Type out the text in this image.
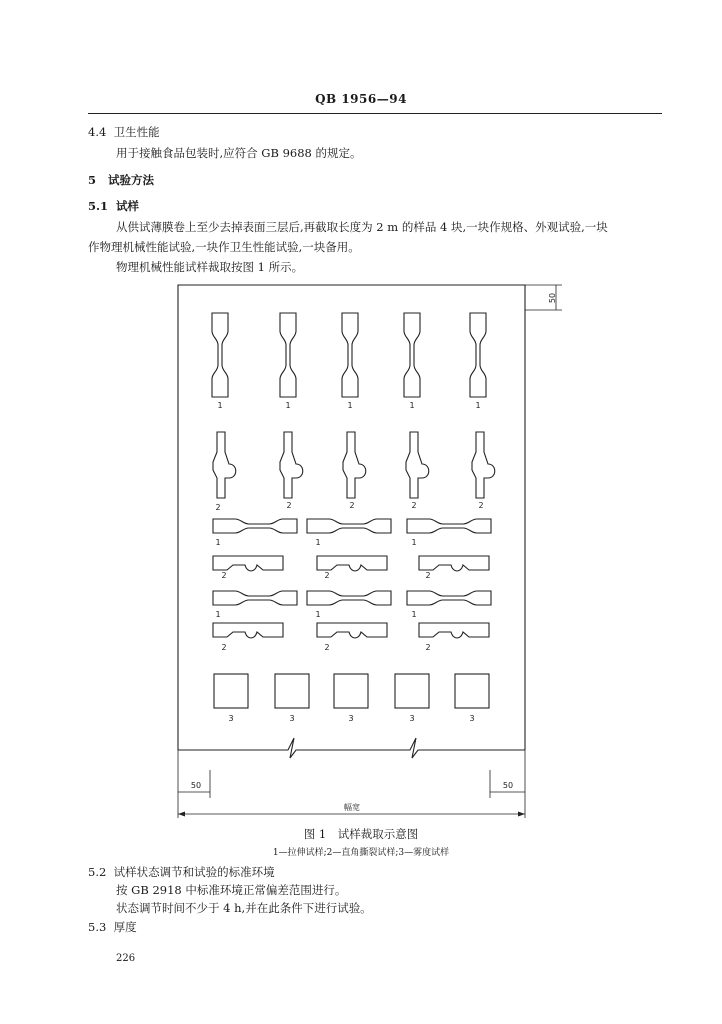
QB 1956—94
4.4 卫生性能
用于接触食品包装时,应符合 GB 9688 的规定。
5 试验方法
5.1 试样
从供试薄膜卷上至少去掉表面三层后,再截取长度为 2 m 的样品 4 块,一块作规格、外观试验,一块
作物理机械性能试验,一块作卫生性能试验,一块备用。
物理机械性能试样裁取按图 1 所示。
50
50	50
幅宽
1	1	1	1	1
2	2	2	2	2
1	1	1
2	2	2
1	1	1
2	2	2
3	3	3	3	3
图 1　试样裁取示意图
1—拉伸试样;2—直角撕裂试样;3—雾度试样
5.2 试样状态调节和试验的标准环境
按 GB 2918 中标准环境正常偏差范围进行。
状态调节时间不少于 4 h,并在此条件下进行试验。
5.3 厚度
226
